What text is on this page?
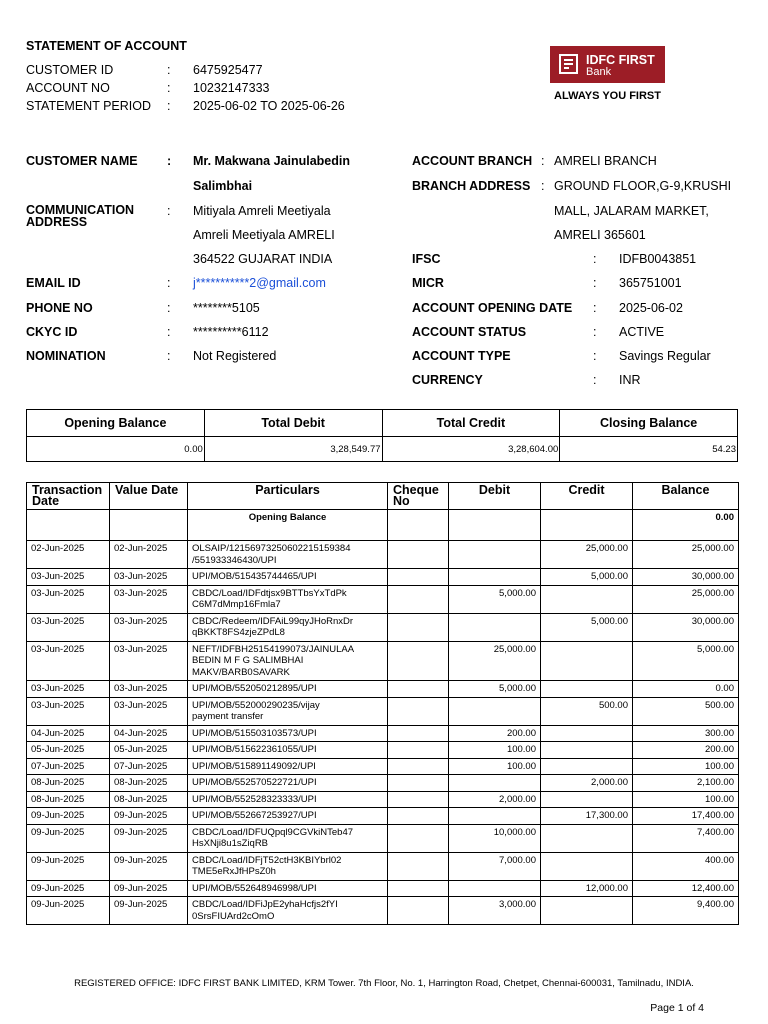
STATEMENT OF ACCOUNT
CUSTOMER ID	: 6475925477
ACCOUNT NO	: 10232147333
STATEMENT PERIOD : 2025-06-02 TO 2025-06-26
IDFC FIRST
Bank
ALWAYS YOU FIRST
CUSTOMER NAME : Mr. Makwana Jainulabedin
Salimbhai
COMMUNICATION ADDRESS
: Mitiyala Amreli Meetiyala
Amreli Meetiyala AMRELI
364522 GUJARAT INDIA
EMAIL ID	: j***********2@gmail.com
PHONE NO	: ********5105
CKYC ID	: **********6112
NOMINATION	: Not Registered
ACCOUNT BRANCH : AMRELI BRANCH
BRANCH ADDRESS : GROUND FLOOR,G-9,KRUSHI
MALL, JALARAM MARKET,
AMRELI 365601
IFSC	: IDFB0043851
MICR	: 365751001
ACCOUNT OPENING DATE : 2025-06-02
ACCOUNT STATUS	: ACTIVE
ACCOUNT TYPE	: Savings Regular
CURRENCY	: INR
Opening Balance	Total Debit	Total Credit	Closing Balance
0.00	3,28,549.77	3,28,604.00	54.23
Transaction Date	Value Date	Particulars	Cheque No	Debit	Credit	Balance
		Opening Balance				0.00
02-Jun-2025	02-Jun-2025	OLSAIP/121569732506022151593​84
/551933346430/UPI			25,000.00	25,000.00
03-Jun-2025	03-Jun-2025	UPI/MOB/515435744465/UPI			5,000.00	30,000.00
03-Jun-2025	03-Jun-2025	CBDC/Load/IDFdtjsx9BTTbsYxTdPk
C6M7dMmp16Fmla7		5,000.00		25,000.00
03-Jun-2025	03-Jun-2025	CBDC/Redeem/IDFAiL99qyJHoRnxDr
qBKKT8FS4zjeZPdL8			5,000.00	30,000.00
03-Jun-2025	03-Jun-2025	NEFT/IDFBH25154199073/JAINULAA
BEDIN M F G SALIMBHAI
MAKV/BARB0SAVARK		25,000.00		5,000.00
03-Jun-2025	03-Jun-2025	UPI/MOB/552050212895/UPI		5,000.00		0.00
03-Jun-2025	03-Jun-2025	UPI/MOB/552000290235/vijay
payment transfer			500.00	500.00
04-Jun-2025	04-Jun-2025	UPI/MOB/515503103573/UPI		200.00		300.00
05-Jun-2025	05-Jun-2025	UPI/MOB/515622361055/UPI		100.00		200.00
07-Jun-2025	07-Jun-2025	UPI/MOB/515891149092/UPI		100.00		100.00
08-Jun-2025	08-Jun-2025	UPI/MOB/552570522721/UPI			2,000.00	2,100.00
08-Jun-2025	08-Jun-2025	UPI/MOB/552528323333/UPI		2,000.00		100.00
09-Jun-2025	09-Jun-2025	UPI/MOB/552667253927/UPI			17,300.00	17,400.00
09-Jun-2025	09-Jun-2025	CBDC/Load/IDFUQpql9CGVkiNTeb47
HsXNji8u1sZiqRB		10,000.00		7,400.00
09-Jun-2025	09-Jun-2025	CBDC/Load/IDFjT52ctH3KBIYbrl02
TME5eRxJfHPsZ0h		7,000.00		400.00
09-Jun-2025	09-Jun-2025	UPI/MOB/552648946998/UPI			12,000.00	12,400.00
09-Jun-2025	09-Jun-2025	CBDC/Load/IDFiJpE2yhaHcfjs2fYI
0SrsFIUArd2cOmO		3,000.00		9,400.00
REGISTERED OFFICE: IDFC FIRST BANK LIMITED, KRM Tower. 7th Floor, No. 1, Harrington Road, Chetpet, Chennai-600031, Tamilnadu, INDIA.
Page 1 of 4
